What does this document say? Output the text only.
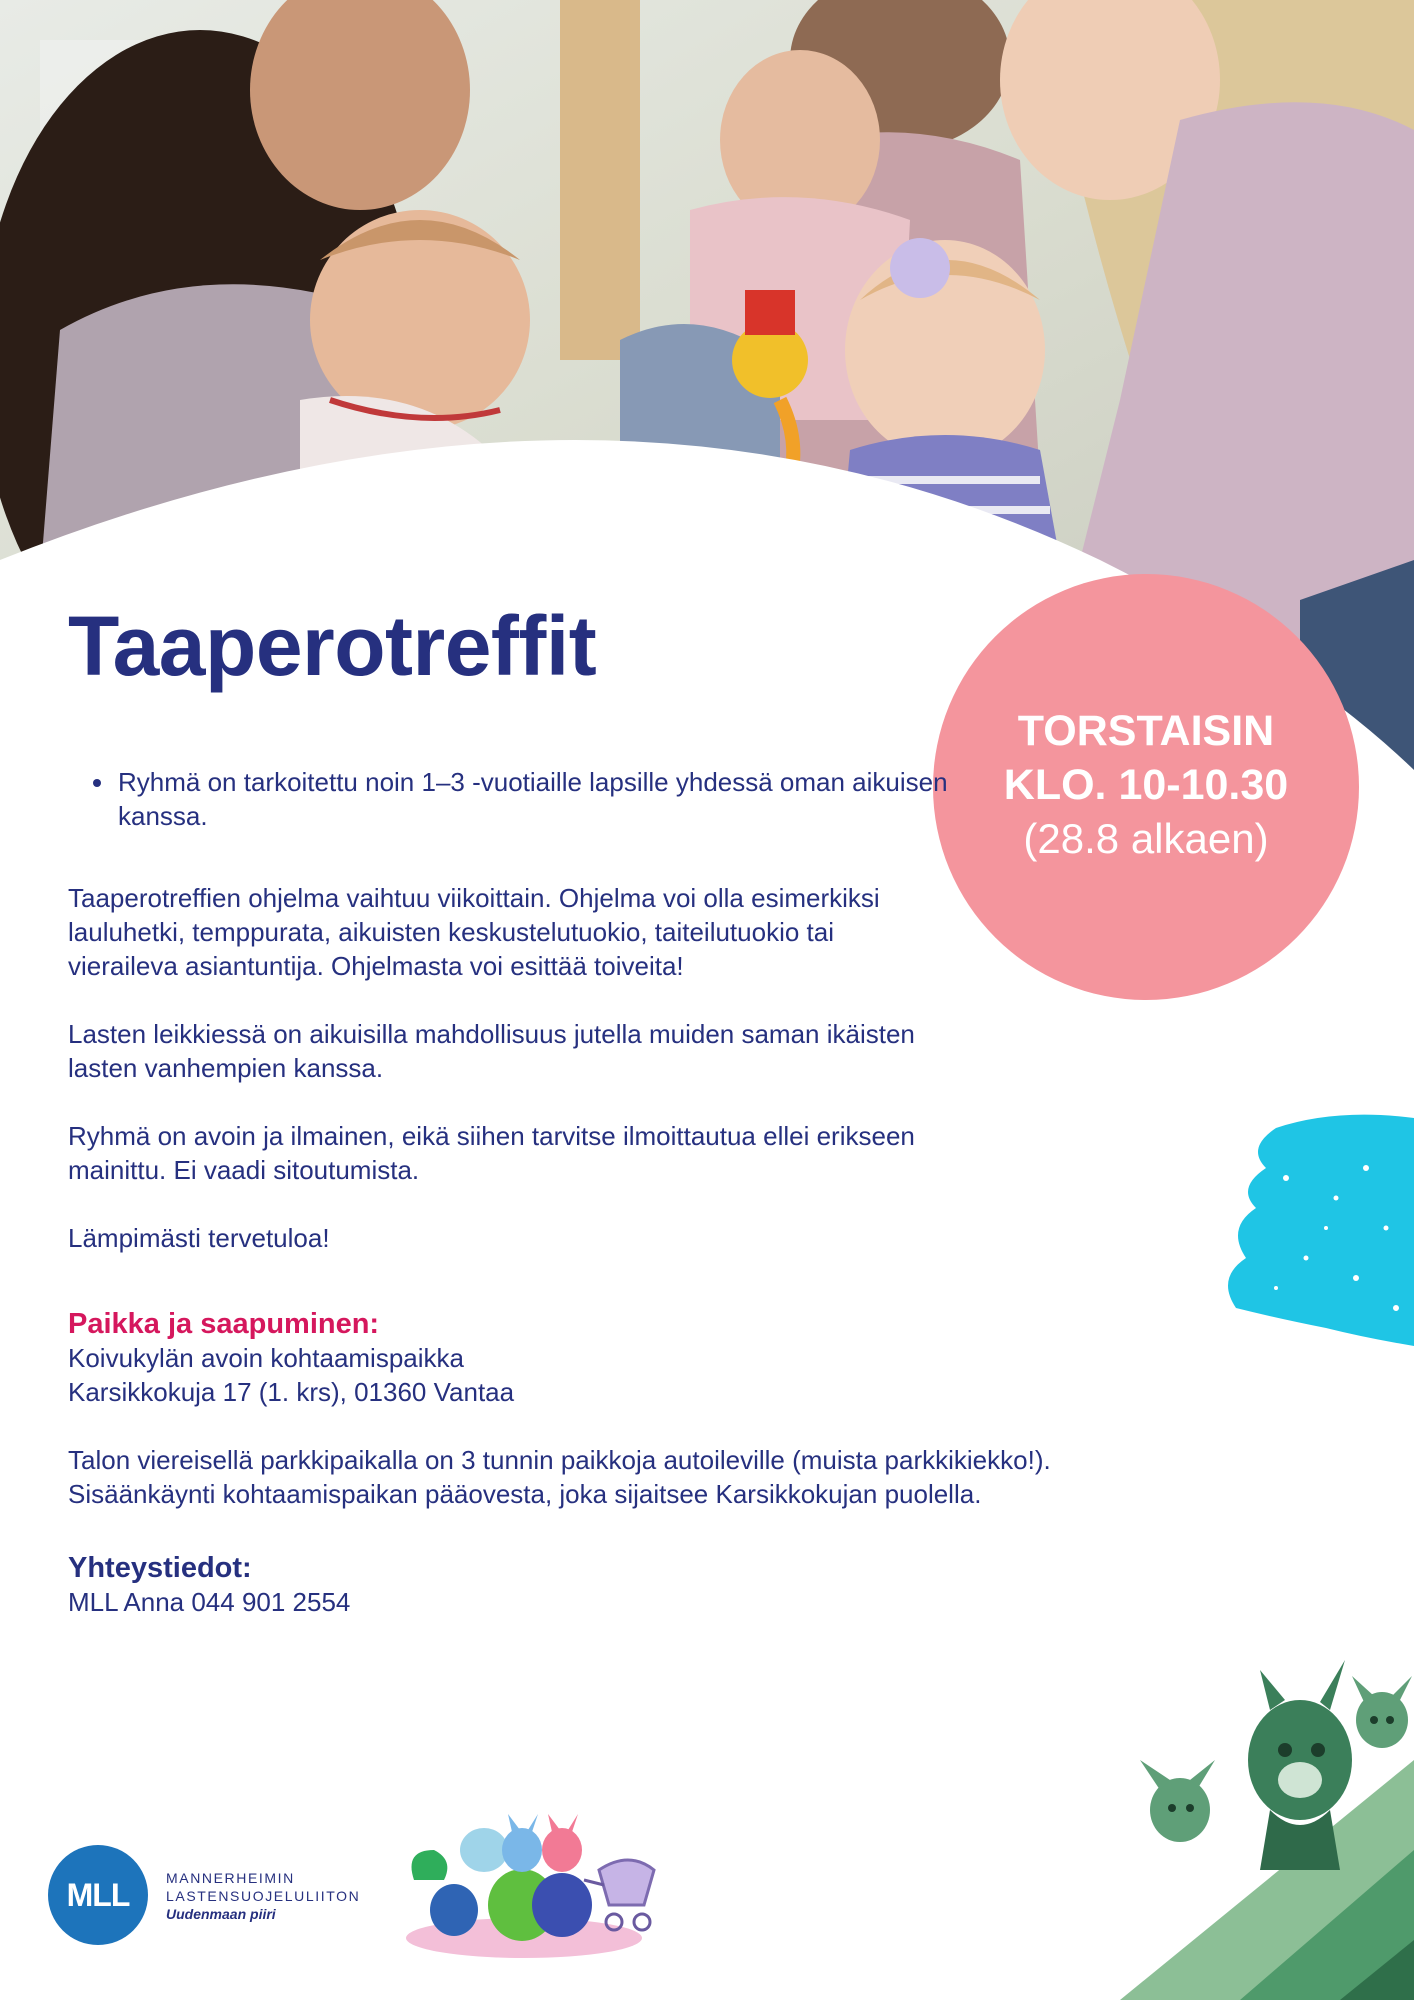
Taaperotreffit
TORSTAISIN
KLO. 10-10.30
(28.8 alkaen)
• Ryhmä on tarkoitettu noin 1–3 -vuotiaille lapsille yhdessä oman aikuisen kanssa.

Taaperotreffien ohjelma vaihtuu viikoittain. Ohjelma voi olla esimerkiksi lauluhetki, temppurata, aikuisten keskustelutuokio, taiteilutuokio tai vieraileva asiantuntija. Ohjelmasta voi esittää toiveita!

Lasten leikkiessä on aikuisilla mahdollisuus jutella muiden saman ikäisten lasten vanhempien kanssa.

Ryhmä on avoin ja ilmainen, eikä siihen tarvitse ilmoittautua ellei erikseen mainittu. Ei vaadi sitoutumista.

Lämpimästi tervetuloa!

Paikka ja saapuminen:
Koivukylän avoin kohtaamispaikka
Karsikkokuja 17 (1. krs), 01360 Vantaa
Talon viereisellä parkkipaikalla on 3 tunnin paikkoja autoileville (muista parkkikiekko!).
Sisäänkäynti kohtaamispaikan pääovesta, joka sijaitsee Karsikkokujan puolella.
Yhteystiedot:
MLL Anna 044 901 2554
MLL	MANNERHEIMIN
LASTENSUOJELULIITON
Uudenmaan piiri
